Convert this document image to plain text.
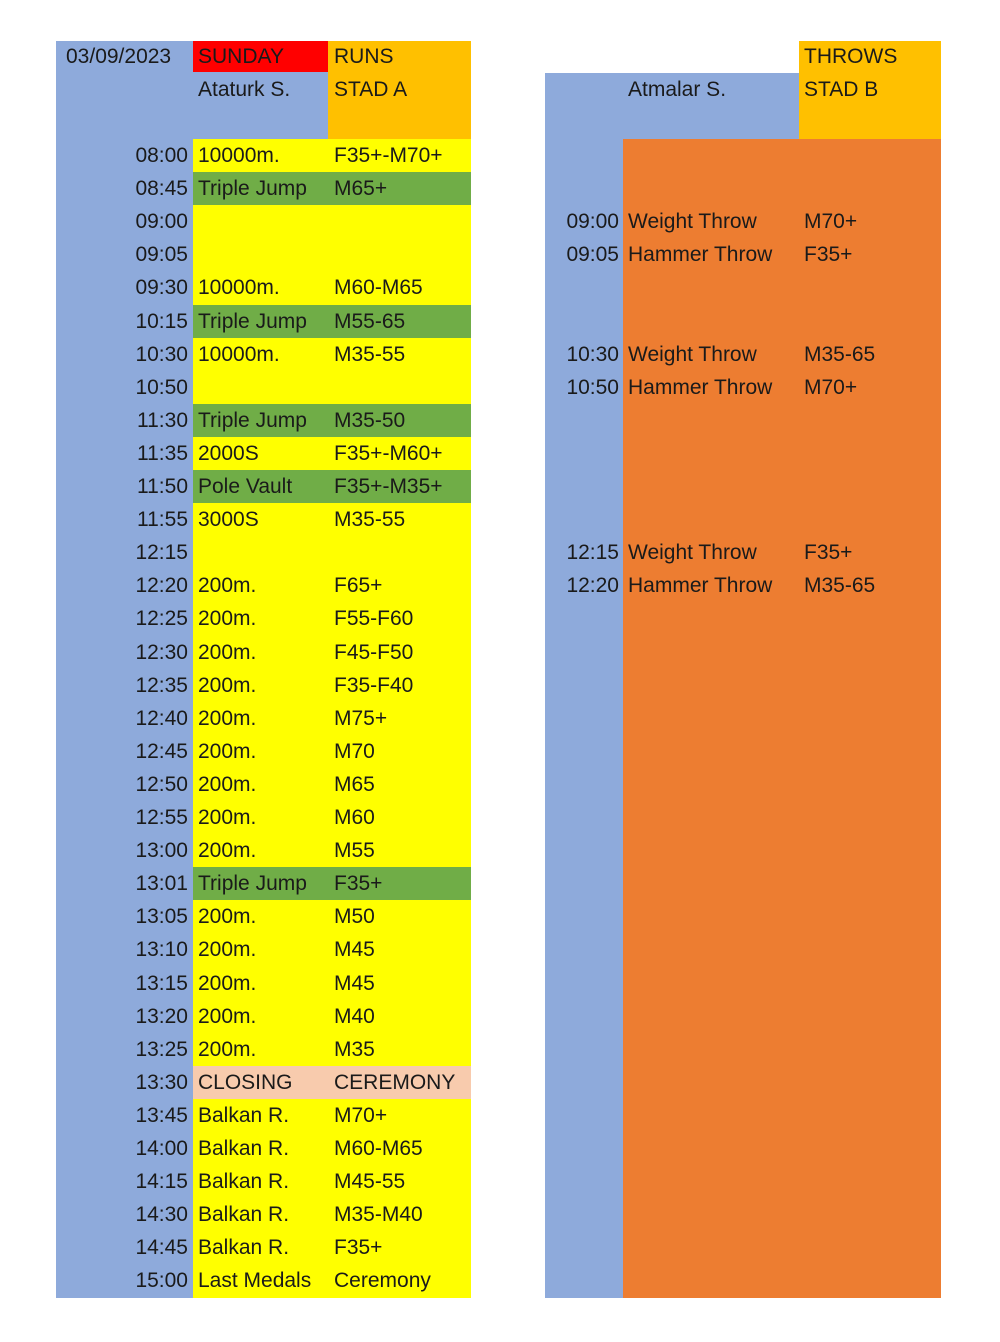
03/09/2023 SUNDAY RUNS
Ataturk S. STAD A
08:00 10000m.	F35+-M70+
08:45 Triple Jump M65+
09:00
09:05
09:30 10000m.	M60-M65
10:15 Triple Jump M55-65
10:30 10000m.	M35-55
10:50
11:30 Triple Jump M35-50
11:35 2000S	F35+-M60+
11:50 Pole Vault F35+-M35+
11:55 3000S	M35-55
12:15
12:20 200m.	F65+
12:25 200m.	F55-F60
12:30 200m.	F45-F50
12:35 200m.	F35-F40
12:40 200m.	M75+
12:45 200m.	M70
12:50 200m.	M65
12:55 200m.	M60
13:00 200m.	M55
13:01 Triple Jump F35+
13:05 200m.	M50
13:10 200m.	M45
13:15 200m.	M45
13:20 200m.	M40
13:25 200m.	M35
13:30 CLOSING CEREMONY
13:45 Balkan R. M70+
14:00 Balkan R. M60-M65
14:15 Balkan R. M45-55
14:30 Balkan R. M35-M40
14:45 Balkan R. F35+
15:00 Last Medals Ceremony
THROWS
Atmalar S.	STAD B
09:00 Weight Throw M70+
09:05 Hammer Throw F35+
10:30 Weight Throw M35-65
10:50 Hammer Throw M70+
12:15 Weight Throw F35+
12:20 Hammer Throw M35-65
